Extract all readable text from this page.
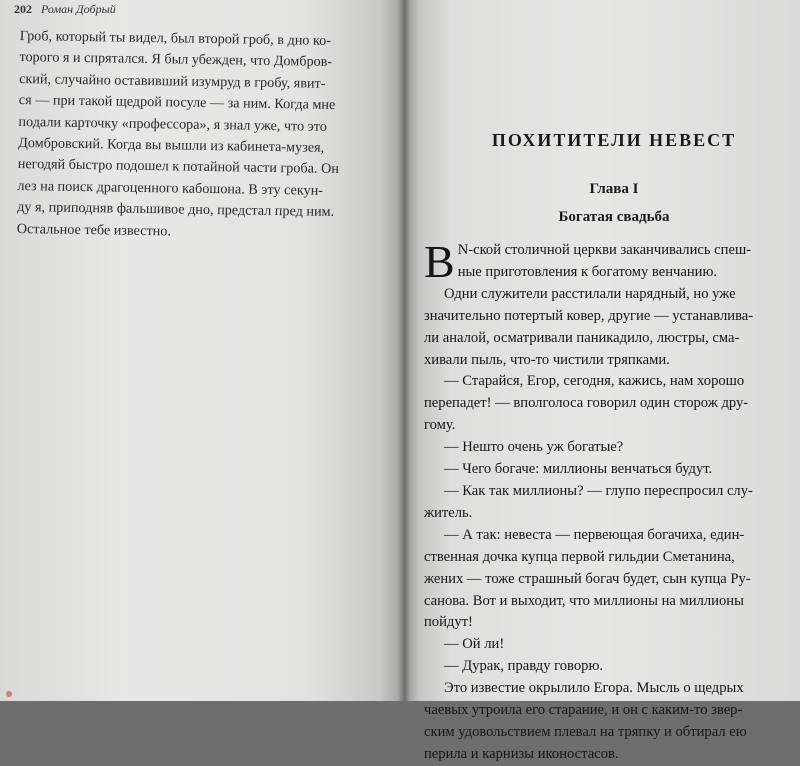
202 Роман Добрый
Гроб, который ты видел, был второй гроб, в дно ко-
торого я и спрятался. Я был убежден, что Домбров-
ский, случайно оставивший изумруд в гробу, явит-
ся — при такой щедрой посуле — за ним. Когда мне
подали карточку «профессора», я знал уже, что это
Домбровский. Когда вы вышли из кабинета-музея,
негодяй быстро подошел к потайной части гроба. Он
лез на поиск драгоценного кабошона. В эту секун-
ду я, приподняв фальшивое дно, предстал пред ним.
Остальное тебе известно.
ПОХИТИТЕЛИ НЕВЕСТ
Глава I
Богатая свадьба
В N-ской столичной церкви заканчивались спеш-
ные приготовления к богатому венчанию.
Одни служители расстилали нарядный, но уже
значительно потертый ковер, другие — устанавлива-
ли аналой, осматривали паникадило, люстры, сма-
хивали пыль, что-то чистили тряпками.
— Старайся, Егор, сегодня, кажись, нам хорошо
перепадет! — вполголоса говорил один сторож дру-
гому.
— Нешто очень уж богатые?
— Чего богаче: миллионы венчаться будут.
— Как так миллионы? — глупо переспросил слу-
житель.
— А так: невеста — первеющая богачиха, един-
ственная дочка купца первой гильдии Сметанина,
жених — тоже страшный богач будет, сын купца Ру-
санова. Вот и выходит, что миллионы на миллионы
пойдут!
— Ой ли!
— Дурак, правду говорю.
Это известие окрылило Егора. Мысль о щедрых
чаевых утроила его старание, и он с каким-то звер-
ским удовольствием плевал на тряпку и обтирал ею
перила и карнизы иконостасов.
